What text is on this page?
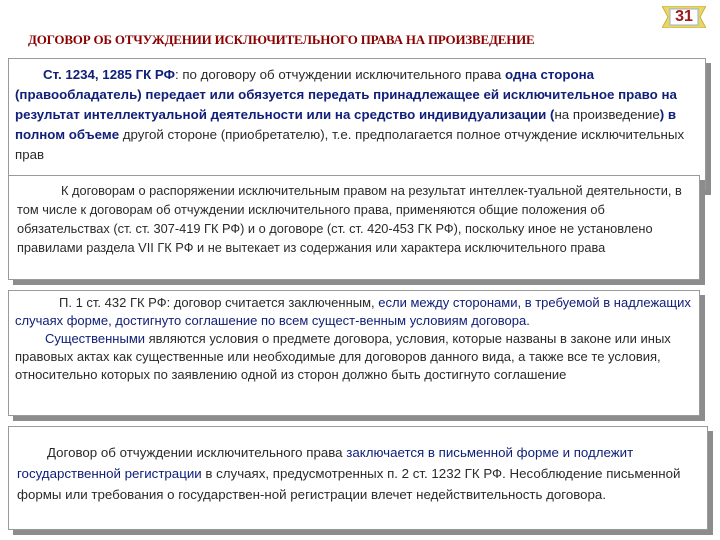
ДОГОВОР ОБ ОТЧУЖДЕНИИ ИСКЛЮЧИТЕЛЬНОГО ПРАВА НА ПРОИЗВЕДЕНИЕ
31

Ст. 1234, 1285 ГК РФ: по договору об отчуждении исключительного права одна сторона (правообладатель) передает или обязуется передать принадлежащее ей исключительное право на результат интеллектуальной деятельности или на средство индивидуализации (на произведение) в полном объеме другой стороне (приобретателю), т.е. предполагается полное отчуждение исключительных прав

К договорам о распоряжении исключительным правом на результат интеллек-туальной деятельности, в том числе к договорам об отчуждении исключительного права, применяются общие положения об обязательствах (ст. ст. 307-419 ГК РФ) и о договоре (ст. ст. 420-453 ГК РФ), поскольку иное не установлено правилами раздела VII ГК РФ и не вытекает из содержания или характера исключительного права

П. 1 ст. 432 ГК РФ: договор считается заключенным, если между сторонами, в требуемой в надлежащих случаях форме, достигнуто соглашение по всем сущест-венным условиям договора.

Существенными являются условия о предмете договора, условия, которые названы в законе или иных правовых актах как существенные или необходимые для договоров данного вида, а также все те условия, относительно которых по заявлению одной из сторон должно быть достигнуто соглашение

Договор об отчуждении исключительного права заключается в письменной форме и подлежит государственной регистрации в случаях, предусмотренных п. 2 ст. 1232 ГК РФ. Несоблюдение письменной формы или требования о государствен-ной регистрации влечет недействительность договора.
